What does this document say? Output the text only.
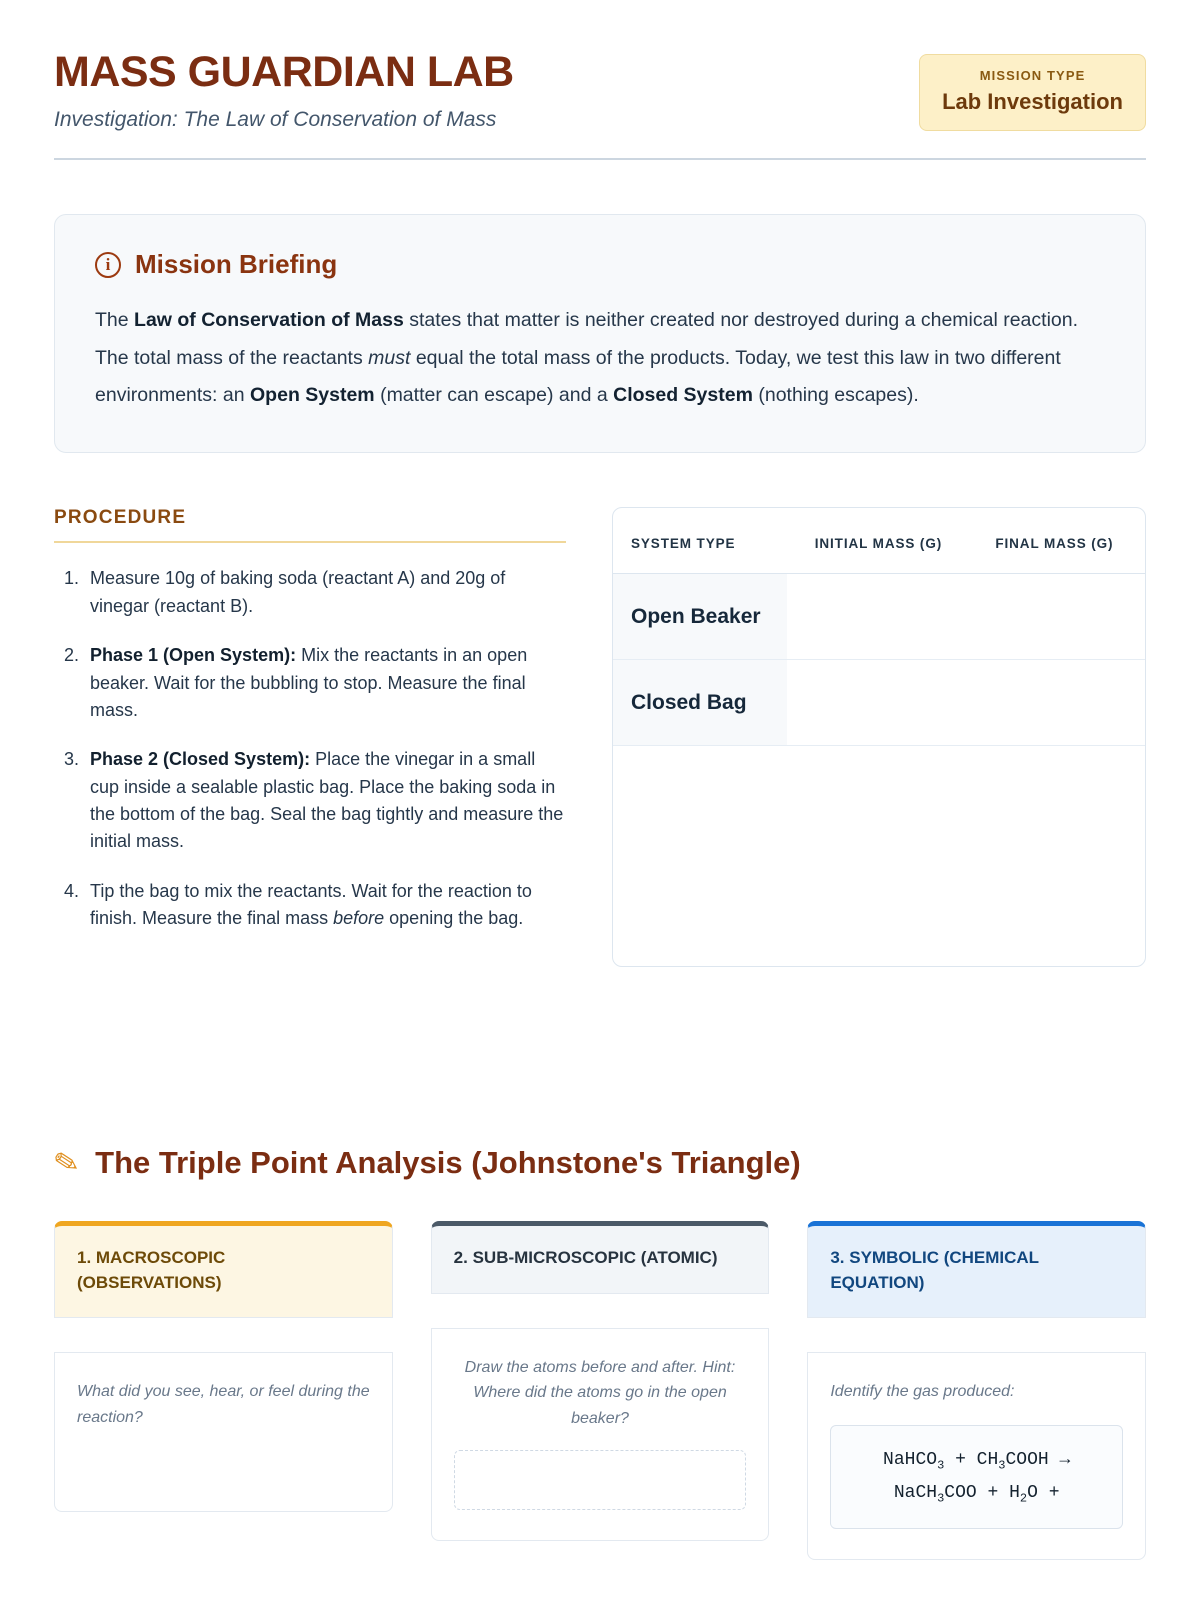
MASS GUARDIAN LAB
Investigation: The Law of Conservation of Mass
MISSION TYPE
Lab Investigation
i Mission Briefing
The Law of Conservation of Mass states that matter is neither created nor destroyed during a chemical reaction. The total mass of the reactants must equal the total mass of the products. Today, we test this law in two different environments: an Open System (matter can escape) and a Closed System (nothing escapes).
PROCEDURE
1. Measure 10g of baking soda (reactant A) and 20g of vinegar (reactant B).
2. Phase 1 (Open System): Mix the reactants in an open beaker. Wait for the bubbling to stop. Measure the final mass.
3. Phase 2 (Closed System): Place the vinegar in a small cup inside a sealable plastic bag. Place the baking soda in the bottom of the bag. Seal the bag tightly and measure the initial mass.
4. Tip the bag to mix the reactants. Wait for the reaction to finish. Measure the final mass before opening the bag.
SYSTEM TYPE	INITIAL MASS (G)	FINAL MASS (G)
Open Beaker		
Closed Bag		
✎ The Triple Point Analysis (Johnstone's Triangle)
1. MACROSCOPIC (OBSERVATIONS)
What did you see, hear, or feel during the reaction?
2. SUB-MICROSCOPIC (ATOMIC)
Draw the atoms before and after. Hint: Where did the atoms go in the open beaker?
3. SYMBOLIC (CHEMICAL EQUATION)
Identify the gas produced:
NaHCO$_3$ + $CH_3COOH$ →
NaCH$_3$COO + $H_2O$ +
